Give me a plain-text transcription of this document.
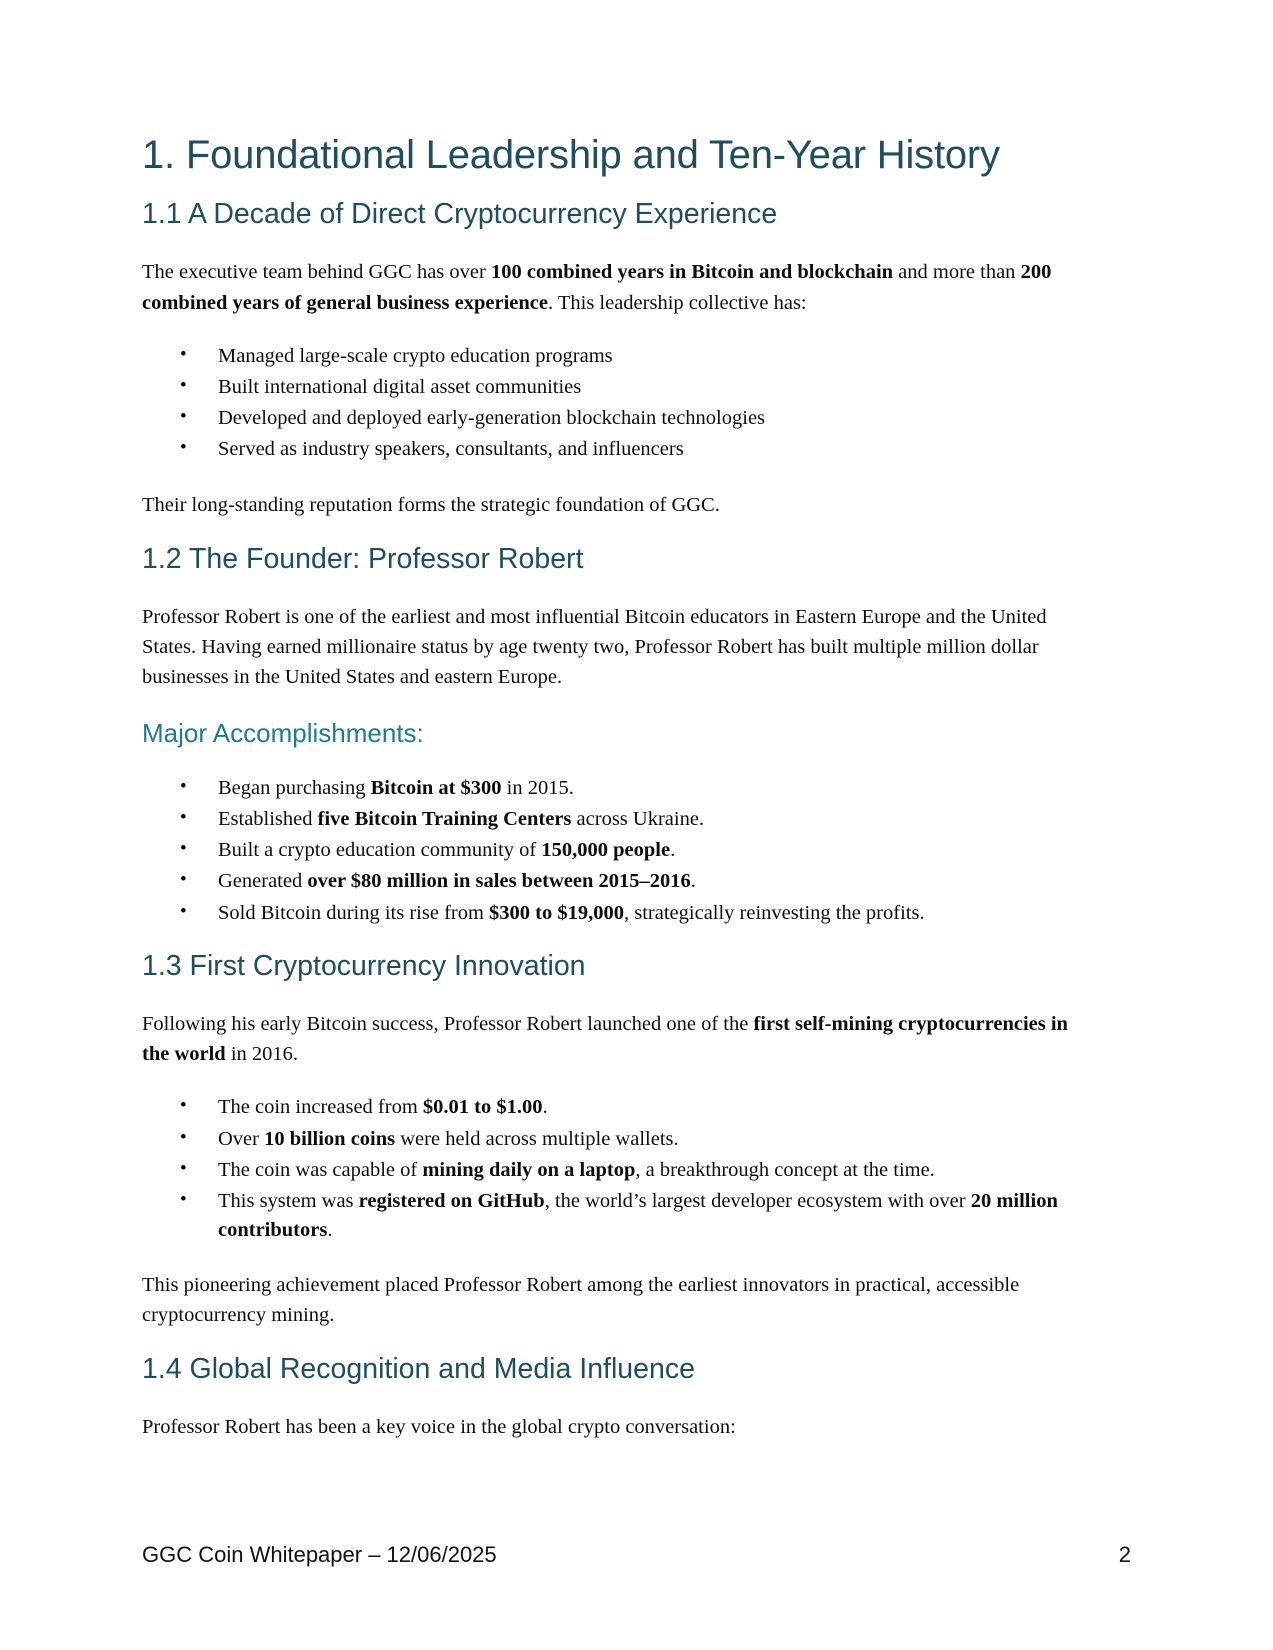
1. Foundational Leadership and Ten-Year History
1.1 A Decade of Direct Cryptocurrency Experience

The executive team behind GGC has over 100 combined years in Bitcoin and blockchain and more than 200 combined years of general business experience. This leadership collective has:

• Managed large-scale crypto education programs
• Built international digital asset communities
• Developed and deployed early-generation blockchain technologies
• Served as industry speakers, consultants, and influencers

Their long-standing reputation forms the strategic foundation of GGC.

1.2 The Founder: Professor Robert

Professor Robert is one of the earliest and most influential Bitcoin educators in Eastern Europe and the United States. Having earned millionaire status by age twenty two, Professor Robert has built multiple million dollar businesses in the United States and eastern Europe.

Major Accomplishments:
• Began purchasing Bitcoin at $300 in 2015.
• Established five Bitcoin Training Centers across Ukraine.
• Built a crypto education community of 150,000 people.
• Generated over $80 million in sales between 2015–2016.
• Sold Bitcoin during its rise from $300 to $19,000, strategically reinvesting the profits.
1.3 First Cryptocurrency Innovation

Following his early Bitcoin success, Professor Robert launched one of the first self-mining cryptocurrencies in the world in 2016.

• The coin increased from $0.01 to $1.00.
• Over 10 billion coins were held across multiple wallets.
• The coin was capable of mining daily on a laptop, a breakthrough concept at the time.
• This system was registered on GitHub, the world’s largest developer ecosystem with over 20 million contributors.

This pioneering achievement placed Professor Robert among the earliest innovators in practical, accessible cryptocurrency mining.

1.4 Global Recognition and Media Influence

Professor Robert has been a key voice in the global crypto conversation:

GGC Coin Whitepaper – 12/06/2025	2
